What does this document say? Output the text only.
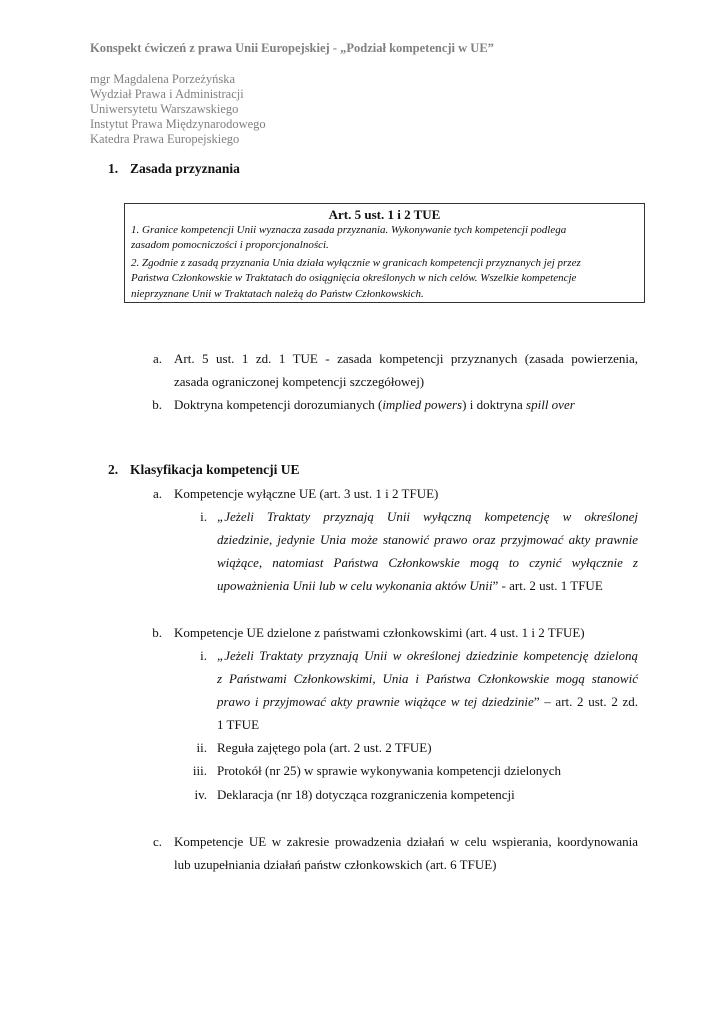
Konspekt ćwiczeń z prawa Unii Europejskiej - „Podział kompetencji w UE”
mgr Magdalena Porzeżyńska
Wydział Prawa i Administracji
Uniwersytetu Warszawskiego
Instytut Prawa Międzynarodowego
Katedra Prawa Europejskiego
1. Zasada przyznania
Art. 5 ust. 1 i 2 TUE
1. Granice kompetencji Unii wyznacza zasada przyznania. Wykonywanie tych kompetencji podlega
zasadom pomocniczości i proporcjonalności.
2. Zgodnie z zasadą przyznania Unia działa wyłącznie w granicach kompetencji przyznanych jej przez
Państwa Członkowskie w Traktatach do osiągnięcia określonych w nich celów. Wszelkie kompetencje
nieprzyznane Unii w Traktatach należą do Państw Członkowskich.
a. Art. 5 ust. 1 zd. 1 TUE - zasada kompetencji przyznanych (zasada powierzenia,
zasada ograniczonej kompetencji szczegółowej)
b. Doktryna kompetencji dorozumianych (implied powers) i doktryna spill over
2. Klasyfikacja kompetencji UE
a. Kompetencje wyłączne UE (art. 3 ust. 1 i 2 TFUE)
i. „Jeżeli Traktaty przyznają Unii wyłączną kompetencję w określonej
dziedzinie, jedynie Unia może stanowić prawo oraz przyjmować akty prawnie
wiążące, natomiast Państwa Członkowskie mogą to czynić wyłącznie z
upoważnienia Unii lub w celu wykonania aktów Unii” - art. 2 ust. 1 TFUE
b. Kompetencje UE dzielone z państwami członkowskimi (art. 4 ust. 1 i 2 TFUE)
i. „Jeżeli Traktaty przyznają Unii w określonej dziedzinie kompetencję dzieloną
z Państwami Członkowskimi, Unia i Państwa Członkowskie mogą stanowić
prawo i przyjmować akty prawnie wiążące w tej dziedzinie” – art. 2 ust. 2 zd.
1 TFUE
ii. Reguła zajętego pola (art. 2 ust. 2 TFUE)
iii. Protokół (nr 25) w sprawie wykonywania kompetencji dzielonych
iv. Deklaracja (nr 18) dotycząca rozgraniczenia kompetencji
c. Kompetencje UE w zakresie prowadzenia działań w celu wspierania, koordynowania
lub uzupełniania działań państw członkowskich (art. 6 TFUE)
